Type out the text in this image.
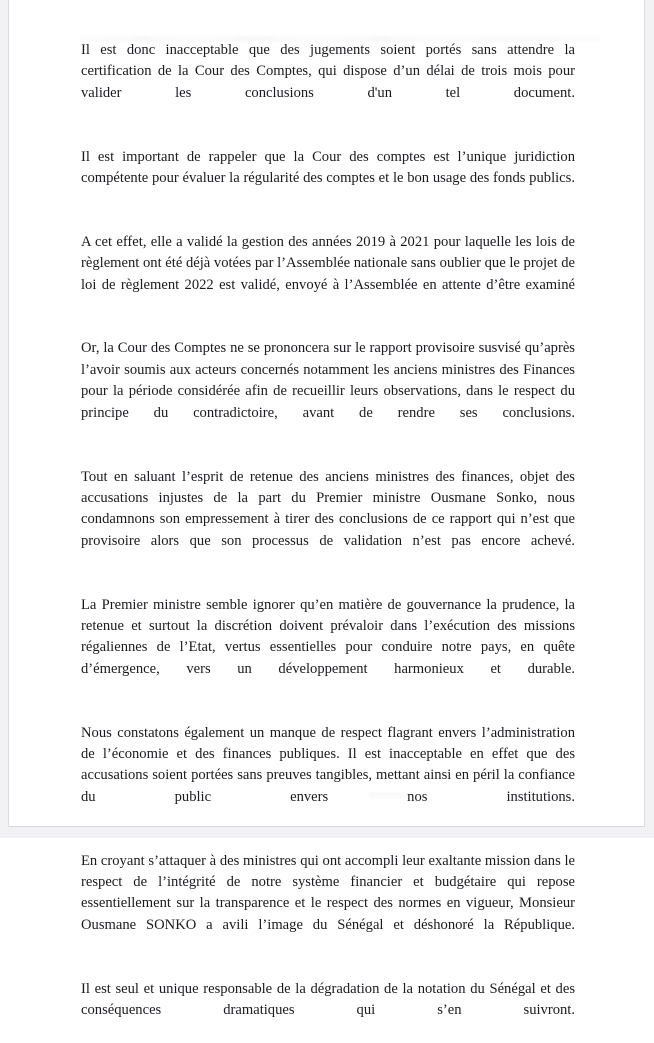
Il est donc inacceptable que des jugements soient portés sans attendre la certification de la Cour des Comptes, qui dispose d’un délai de trois mois pour valider les conclusions d'un tel document.

Il est important de rappeler que la Cour des comptes est l’unique juridiction compétente pour évaluer la régularité des comptes et le bon usage des fonds publics.

A cet effet, elle a validé la gestion des années 2019 à 2021 pour laquelle les lois de règlement ont été déjà votées par l’Assemblée nationale sans oublier que le projet de loi de règlement 2022 est validé, envoyé à l’Assemblée en attente d’être examiné

Or, la Cour des Comptes ne se prononcera sur le rapport provisoire susvisé qu’après l’avoir soumis aux acteurs concernés notamment les anciens ministres des Finances pour la période considérée afin de recueillir leurs observations, dans le respect du principe du contradictoire, avant de rendre ses conclusions.

Tout en saluant l’esprit de retenue des anciens ministres des finances, objet des accusations injustes de la part du Premier ministre Ousmane Sonko, nous condamnons son empressement à tirer des conclusions de ce rapport qui n’est que provisoire alors que son processus de validation n’est pas encore achevé.

La Premier ministre semble ignorer qu’en matière de gouvernance la prudence, la retenue et surtout la discrétion doivent prévaloir dans l’exécution des missions régaliennes de l’Etat, vertus essentielles pour conduire notre pays, en quête d’émergence, vers un développement harmonieux et durable.

Nous constatons également un manque de respect flagrant envers l’administration de l’économie et des finances publiques. Il est inacceptable en effet que des accusations soient portées sans preuves tangibles, mettant ainsi en péril la confiance du public envers nos institutions.

En croyant s’attaquer à des ministres qui ont accompli leur exaltante mission dans le respect de l’intégrité de notre système financier et budgétaire qui repose essentiellement sur la transparence et le respect des normes en vigueur, Monsieur Ousmane SONKO a avili l’image du Sénégal et déshonoré la République.

Il est seul et unique responsable de la dégradation de la notation du Sénégal et des conséquences dramatiques qui s’en suivront.
